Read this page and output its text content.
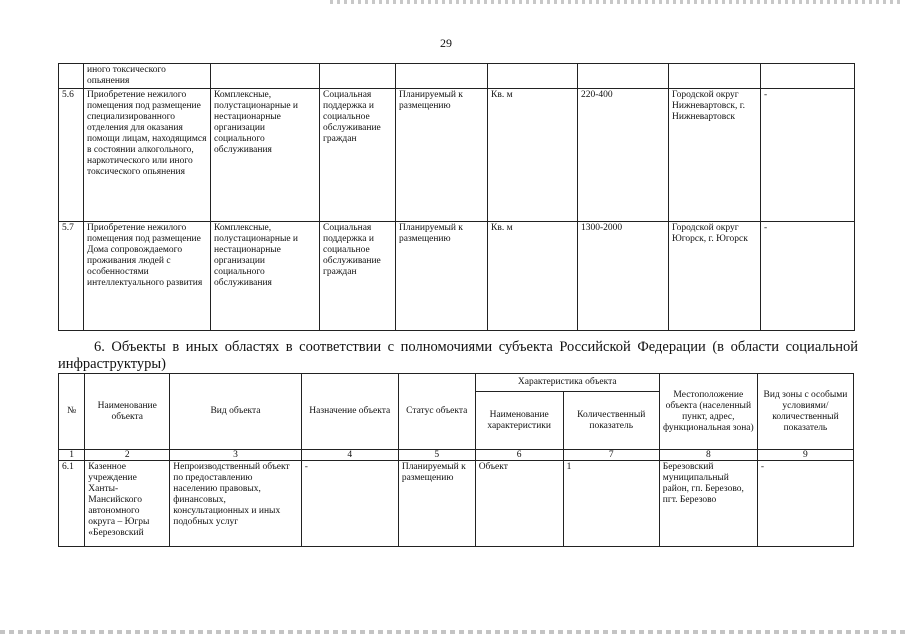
29
	иного токсического опьянения							
5.6	Приобретение нежилого помещения под размещение специализированного отделения для оказания помощи лицам, находящимся в состоянии алкогольного, наркотического или иного токсического опьянения	Комплексные, полустационарные и нестационарные организации социального обслуживания	Социальная поддержка и социальное обслуживание граждан	Планируемый к размещению	Кв. м	220-400	Городской округ Нижневартовск, г. Нижневартовск	-
5.7	Приобретение нежилого помещения под размещение Дома сопровождаемого проживания людей с особенностями интеллектуального развития	Комплексные, полустационарные и нестационарные организации социального обслуживания	Социальная поддержка и социальное обслуживание граждан	Планируемый к размещению	Кв. м	1300-2000	Городской округ Югорск, г. Югорск	-
6. Объекты в иных областях в соответствии с полномочиями субъекта Российской Федерации (в области социальной инфраструктуры)
№	Наименование объекта	Вид объекта	Назначение объекта	Статус объекта	Характеристика объекта		Местоположение объекта (населенный пункт, адрес, функциональная зона)	Вид зоны с особыми условиями/ количественный показатель
					Наименование характеристики	Количественный показатель		
1	2	3	4	5	6	7	8	9
6.1	Казенное учреждение Ханты-Мансийского автономного округа – Югры «Березовский	Непроизводственный объект по предоставлению населению правовых, финансовых, консультационных и иных подобных услуг	-	Планируемый к размещению	Объект	1	Березовский муниципальный район, гп. Березово, пгт. Березово	-
